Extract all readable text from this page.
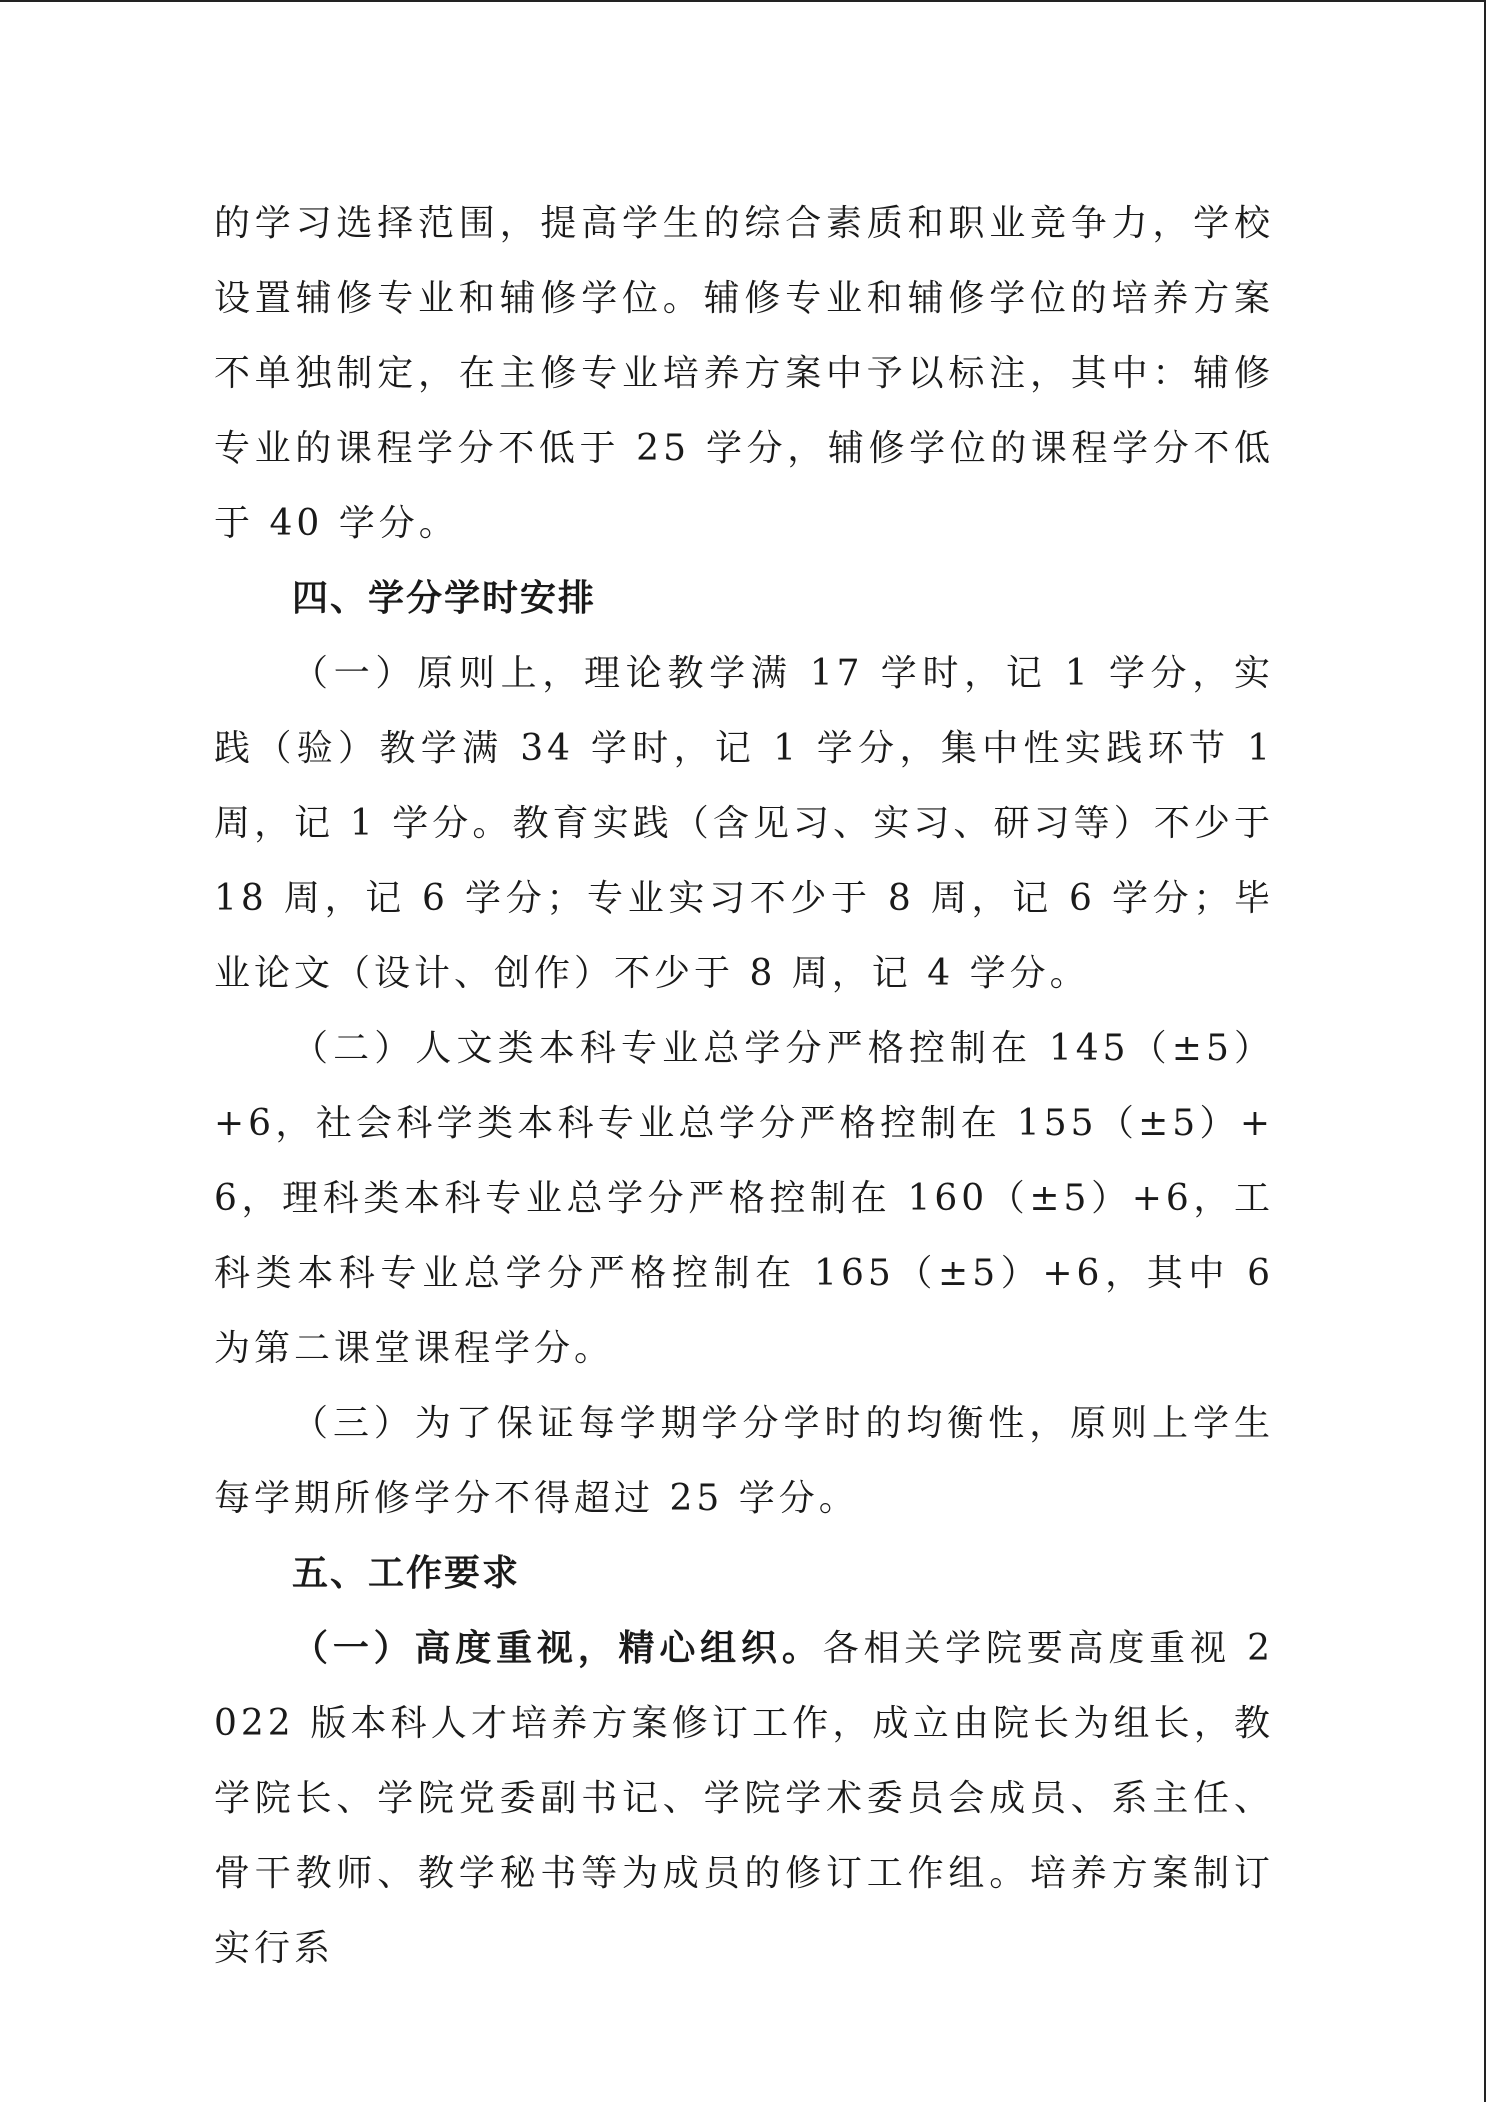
的学习选择范围，提高学生的综合素质和职业竞争力，学校设置辅修专业和辅修学位。辅修专业和辅修学位的培养方案不单独制定，在主修专业培养方案中予以标注，其中：辅修专业的课程学分不低于 25 学分，辅修学位的课程学分不低于 40 学分。

四、学分学时安排

（一）原则上，理论教学满 17 学时，记 1 学分，实践（验）教学满 34 学时，记 1 学分，集中性实践环节 1 周，记 1 学分。教育实践（含见习、实习、研习等）不少于 18 周，记 6 学分；专业实习不少于 8 周，记 6 学分；毕业论文（设计、创作）不少于 8 周，记 4 学分。

（二）人文类本科专业总学分严格控制在 145（±5）+6，社会科学类本科专业总学分严格控制在 155（±5）+6，理科类本科专业总学分严格控制在 160（±5）+6，工科类本科专业总学分严格控制在 165（±5）+6，其中 6 为第二课堂课程学分。

（三）为了保证每学期学分学时的均衡性，原则上学生每学期所修学分不得超过 25 学分。

五、工作要求

（一）高度重视，精心组织。各相关学院要高度重视 2022 版本科人才培养方案修订工作，成立由院长为组长，教学院长、学院党委副书记、学院学术委员会成员、系主任、骨干教师、教学秘书等为成员的修订工作组。培养方案制订实行系
